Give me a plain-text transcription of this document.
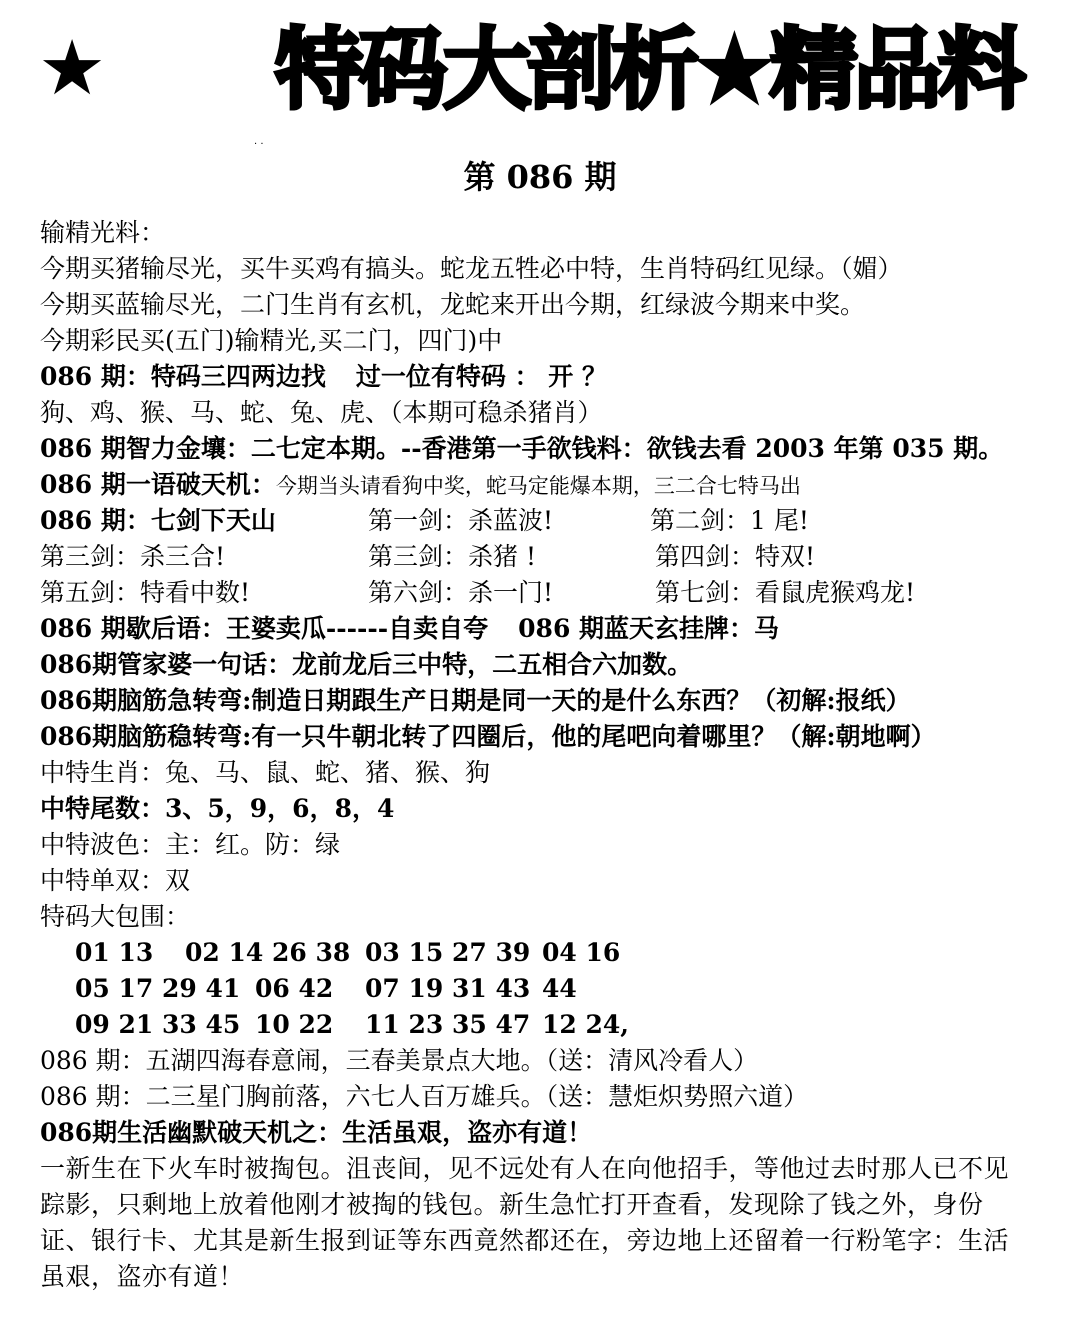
★ 特码大剖析★精品料
· ·
第 086 期
输精光料：
今期买猪输尽光，买牛买鸡有搞头。蛇龙五牲必中特，生肖特码红见绿。（媚）
今期买蓝输尽光，二门生肖有玄机，龙蛇来开出今期，红绿波今期来中奖。
今期彩民买(五门)输精光,买二门，四门)中
086 期：特码三四两边找 过一位有特码 ： 开 ？
狗、鸡、猴、马、蛇、兔、虎、（本期可稳杀猪肖）
086 期智力金壤：二七定本期。--香港第一手欲钱料：欲钱去看 2003 年第 035 期。
086 期一语破天机：今期当头请看狗中奖，蛇马定能爆本期，三二合七特马出
086 期：七剑下天山	第一剑：杀蓝波!	第二剑：1 尾!
第三剑：杀三合!	第三剑：杀猪 !	第四剑：特双!
第五剑：特看中数!	第六剑：杀一门!	第七剑：看鼠虎猴鸡龙!
086 期歇后语：王婆卖瓜------自卖自夸 086 期蓝天玄挂牌：马
086期管家婆一句话：龙前龙后三中特，二五相合六加数。
086期脑筋急转弯:制造日期跟生产日期是同一天的是什么东西？（初解:报纸）
086期脑筋稳转弯:有一只牛朝北转了四圈后，他的尾吧向着哪里？（解:朝地啊）
中特生肖：兔、马、鼠、蛇、猪、猴、狗
中特尾数：3、5，9，6，8，4
中特波色：主：红。防：绿
中特单双：双
特码大包围：
01 13 02 14 26 38 03 15 27 39 04 16
05 17 29 41 06 42 07 19 31 43 44
09 21 33 45 10 22 11 23 35 47 12 24,
086 期：五湖四海春意闹，三春美景点大地。（送：清风冷看人）
086 期：二三星门胸前落，六七人百万雄兵。（送：慧炬炽势照六道）
086期生活幽默破天机之：生活虽艰，盗亦有道！
一新生在下火车时被掏包。沮丧间，见不远处有人在向他招手，等他过去时那人已不见踪影，只剩地上放着他刚才被掏的钱包。新生急忙打开查看，发现除了钱之外，身份证、银行卡、尤其是新生报到证等东西竟然都还在，旁边地上还留着一行粉笔字：生活虽艰，盗亦有道！
